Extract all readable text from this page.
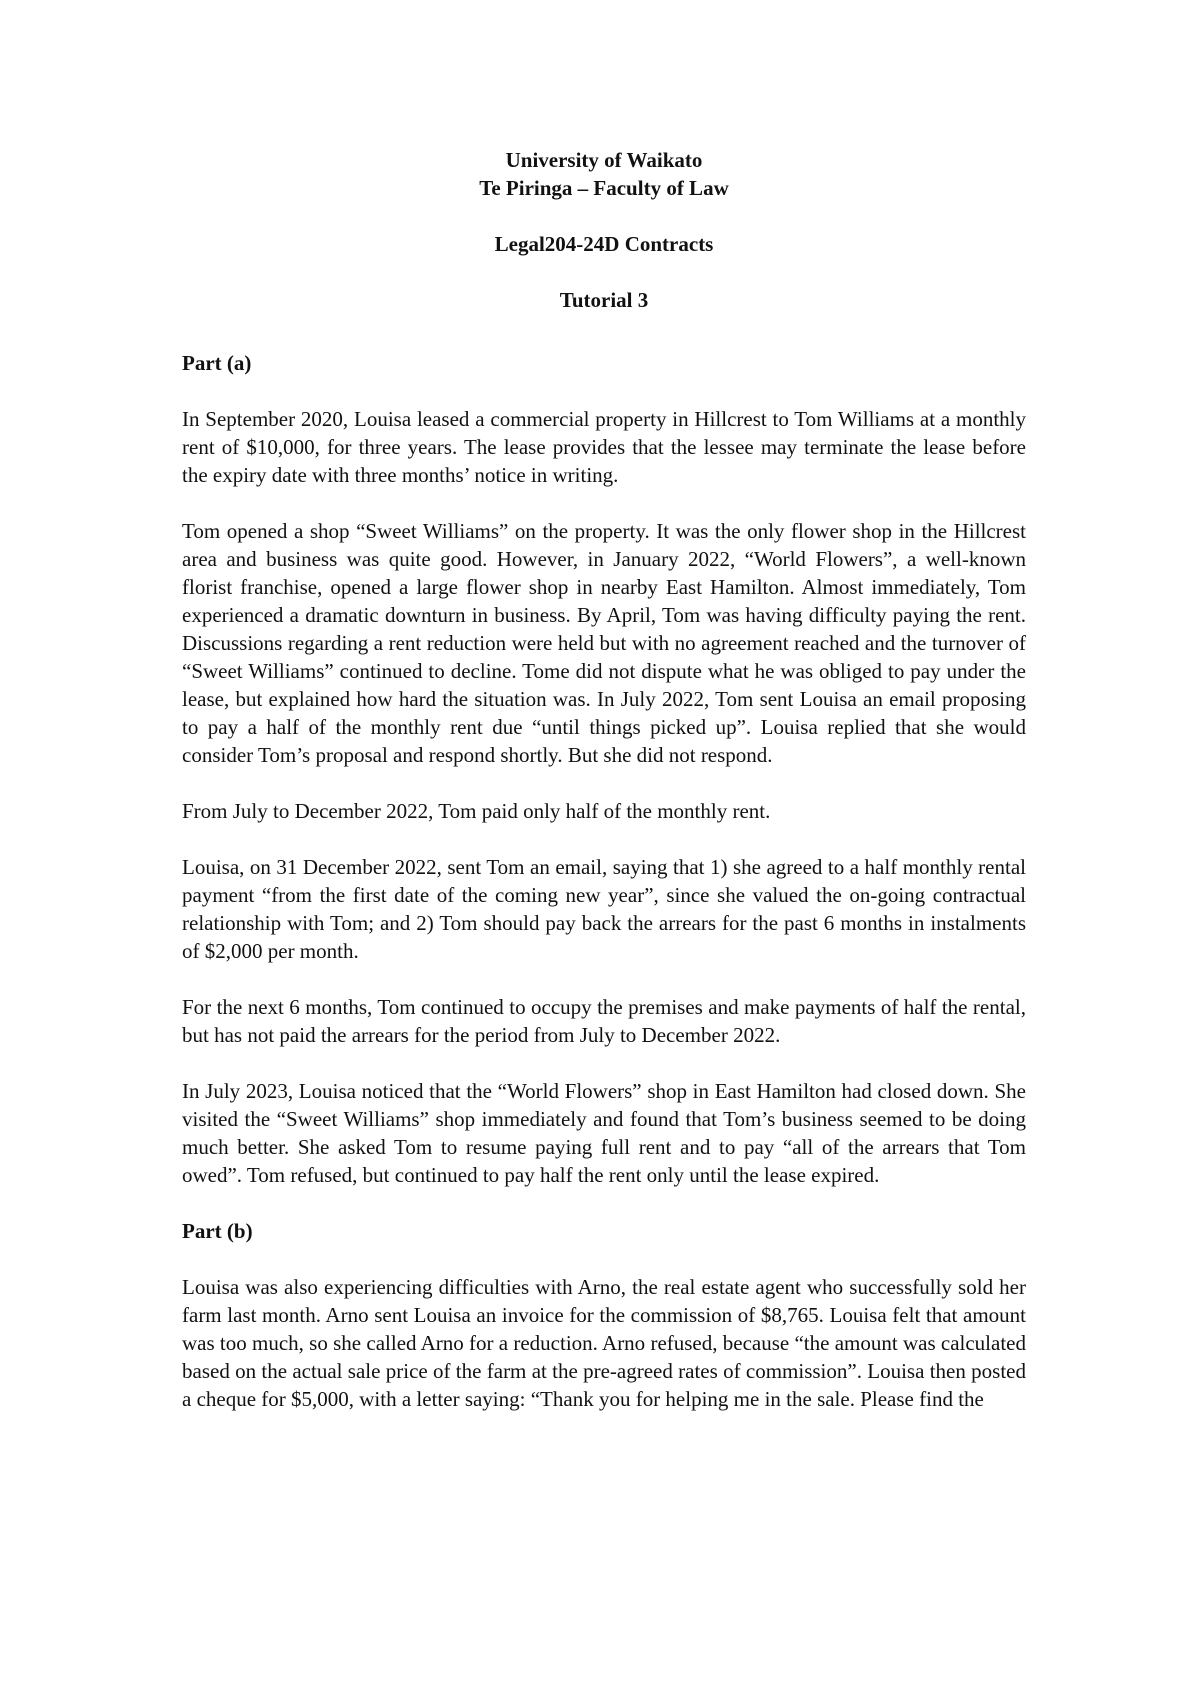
University of Waikato
Te Piringa – Faculty of Law
Legal204-24D Contracts
Tutorial 3
Part (a)

In September 2020, Louisa leased a commercial property in Hillcrest to Tom Williams at a monthly rent of $10,000, for three years. The lease provides that the lessee may terminate the lease before the expiry date with three months’ notice in writing.

Tom opened a shop “Sweet Williams” on the property. It was the only flower shop in the Hillcrest area and business was quite good. However, in January 2022, “World Flowers”, a well-known florist franchise, opened a large flower shop in nearby East Hamilton. Almost immediately, Tom experienced a dramatic downturn in business. By April, Tom was having difficulty paying the rent. Discussions regarding a rent reduction were held but with no agreement reached and the turnover of “Sweet Williams” continued to decline. Tome did not dispute what he was obliged to pay under the lease, but explained how hard the situation was. In July 2022, Tom sent Louisa an email proposing to pay a half of the monthly rent due “until things picked up”. Louisa replied that she would consider Tom’s proposal and respond shortly. But she did not respond.

From July to December 2022, Tom paid only half of the monthly rent.

Louisa, on 31 December 2022, sent Tom an email, saying that 1) she agreed to a half monthly rental payment “from the first date of the coming new year”, since she valued the on-going contractual relationship with Tom; and 2) Tom should pay back the arrears for the past 6 months in instalments of $2,000 per month.

For the next 6 months, Tom continued to occupy the premises and make payments of half the rental, but has not paid the arrears for the period from July to December 2022.

In July 2023, Louisa noticed that the “World Flowers” shop in East Hamilton had closed down. She visited the “Sweet Williams” shop immediately and found that Tom’s business seemed to be doing much better. She asked Tom to resume paying full rent and to pay “all of the arrears that Tom owed”. Tom refused, but continued to pay half the rent only until the lease expired.

Part (b)

Louisa was also experiencing difficulties with Arno, the real estate agent who successfully sold her farm last month. Arno sent Louisa an invoice for the commission of $8,765. Louisa felt that amount was too much, so she called Arno for a reduction. Arno refused, because “the amount was calculated based on the actual sale price of the farm at the pre-agreed rates of commission”. Louisa then posted a cheque for $5,000, with a letter saying: “Thank you for helping me in the sale. Please find the
